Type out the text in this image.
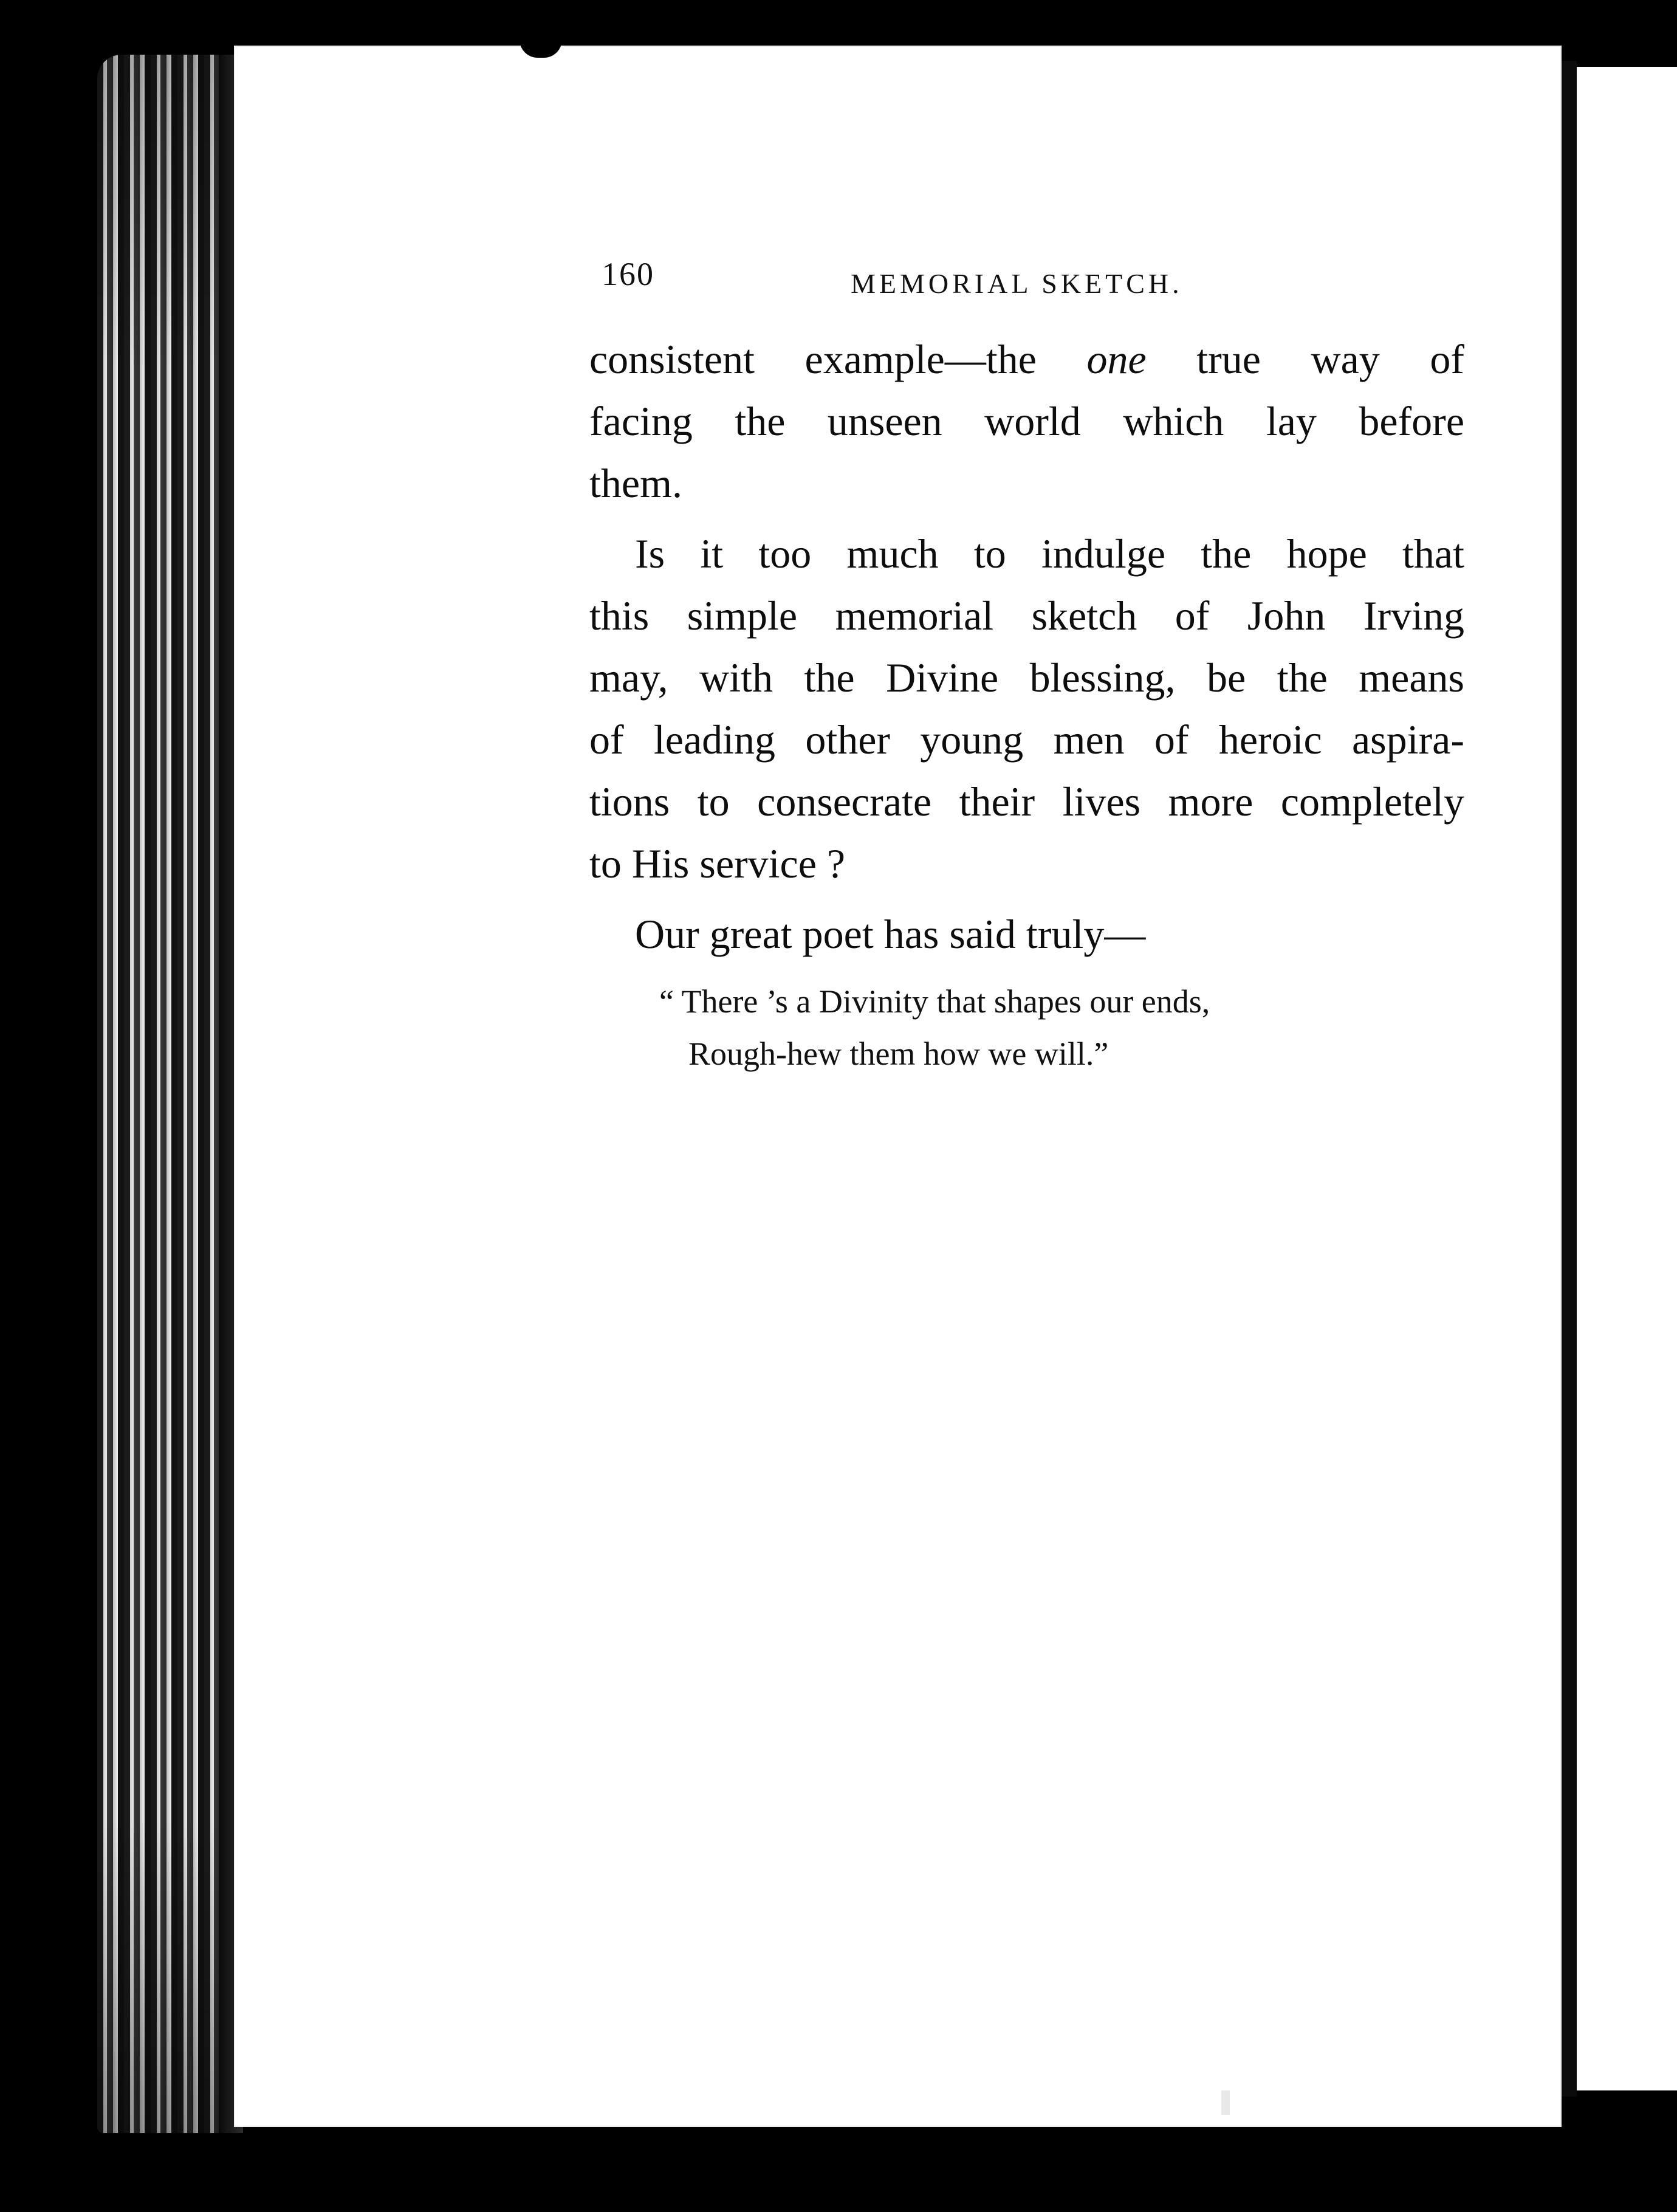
160	MEMORIAL SKETCH.
consistent example—the one true way of
facing the unseen world which lay before
them.
Is it too much to indulge the hope that
this simple memorial sketch of John Irving
may, with the Divine blessing, be the means
of leading other young men of heroic aspira-
tions to consecrate their lives more completely
to His service ?
Our great poet has said truly—
“ There ’s a Divinity that shapes our ends,
Rough-hew them how we will.”
